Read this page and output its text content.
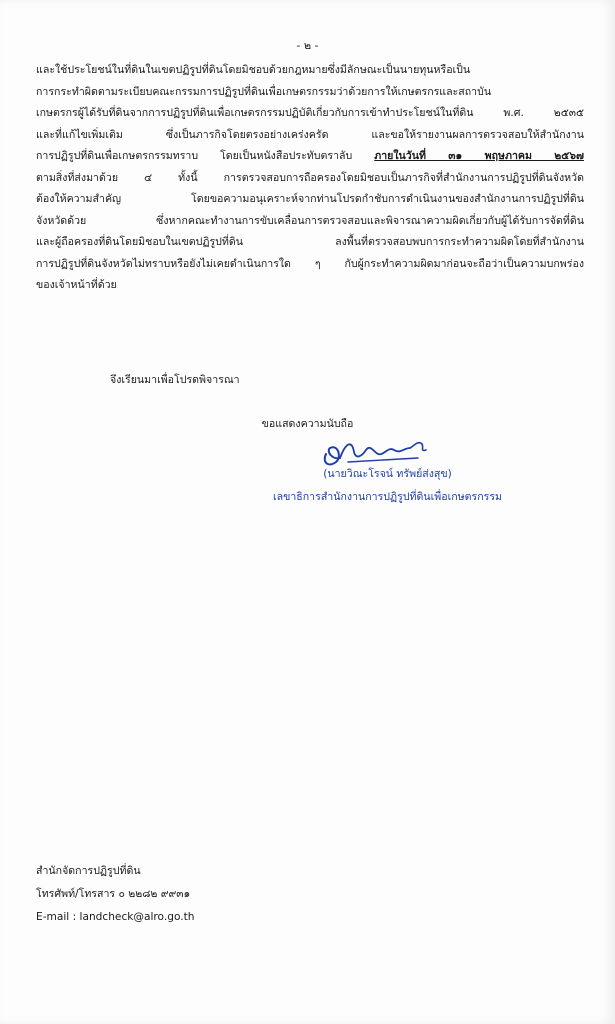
- ๒ -
และใช้ประโยชน์ในที่ดินในเขตปฏิรูปที่ดินโดยมิชอบด้วยกฎหมายซึ่งมีลักษณะเป็นนายทุนหรือเป็น
การกระทำผิดตามระเบียบคณะกรรมการปฏิรูปที่ดินเพื่อเกษตรกรรมว่าด้วยการให้เกษตรกรและสถาบัน
เกษตรกรผู้ได้รับที่ดินจากการปฏิรูปที่ดินเพื่อเกษตรกรรมปฏิบัติเกี่ยวกับการเข้าทำประโยชน์ในที่ดิน พ.ศ. ๒๕๓๕
และที่แก้ไขเพิ่มเติม ซึ่งเป็นภารกิจโดยตรงอย่างเคร่งครัด และขอให้รายงานผลการตรวจสอบให้สำนักงาน
การปฏิรูปที่ดินเพื่อเกษตรกรรมทราบ โดยเป็นหนังสือประทับตราลับ ภายในวันที่ ๓๑ พฤษภาคม ๒๕๖๗
ตามสิ่งที่ส่งมาด้วย ๔ ทั้งนี้ การตรวจสอบการถือครองโดยมิชอบเป็นภารกิจที่สำนักงานการปฏิรูปที่ดินจังหวัด
ต้องให้ความสำคัญ โดยขอความอนุเคราะห์จากท่านโปรดกำชับการดำเนินงานของสำนักงานการปฏิรูปที่ดิน
จังหวัดด้วย ซึ่งหากคณะทำงานการขับเคลื่อนการตรวจสอบและพิจารณาความผิดเกี่ยวกับผู้ได้รับการจัดที่ดิน
และผู้ถือครองที่ดินโดยมิชอบในเขตปฏิรูปที่ดิน ลงพื้นที่ตรวจสอบพบการกระทำความผิดโดยที่สำนักงาน
การปฏิรูปที่ดินจังหวัดไม่ทราบหรือยังไม่เคยดำเนินการใด ๆ กับผู้กระทำความผิดมาก่อนจะถือว่าเป็นความบกพร่อง
ของเจ้าหน้าที่ด้วย
จึงเรียนมาเพื่อโปรดพิจารณา
ขอแสดงความนับถือ
(นายวิณะโรจน์ ทรัพย์ส่งสุข)
เลขาธิการสำนักงานการปฏิรูปที่ดินเพื่อเกษตรกรรม
สำนักจัดการปฏิรูปที่ดิน
โทรศัพท์/โทรสาร ๐ ๒๒๘๒ ๙๙๓๑
E-mail : landcheck@alro.go.th
